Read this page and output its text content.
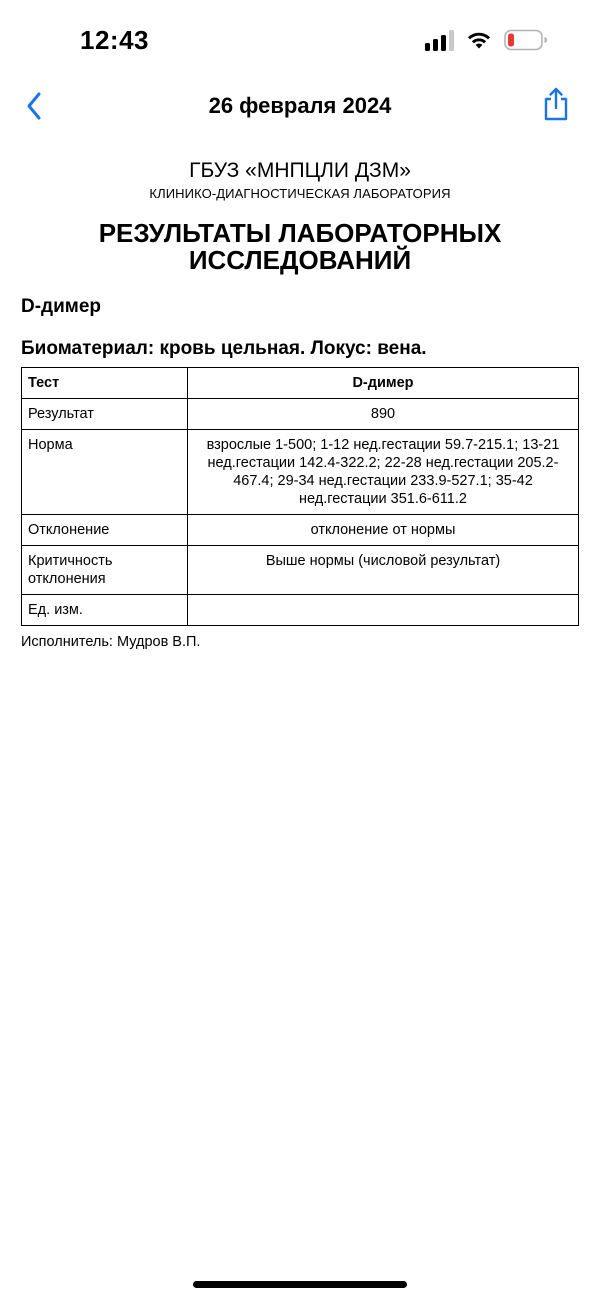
12:43
26 февраля 2024
ГБУЗ «МНПЦЛИ ДЗМ»
КЛИНИКО-ДИАГНОСТИЧЕСКАЯ ЛАБОРАТОРИЯ
РЕЗУЛЬТАТЫ ЛАБОРАТОРНЫХ
ИССЛЕДОВАНИЙ
D-димер
Биоматериал: кровь цельная. Локус: вена.
Тест	D-димер
Результат	890
Норма	взрослые 1-500; 1-12 нед.гестации 59.7-215.1; 13-21 нед.гестации 142.4-322.2; 22-28 нед.гестации 205.2-467.4; 29-34 нед.гестации 233.9-527.1; 35-42 нед.гестации 351.6-611.2
Отклонение	отклонение от нормы
Критичность отклонения	Выше нормы (числовой результат)
Ед. изм.	
Исполнитель: Мудров В.П.
